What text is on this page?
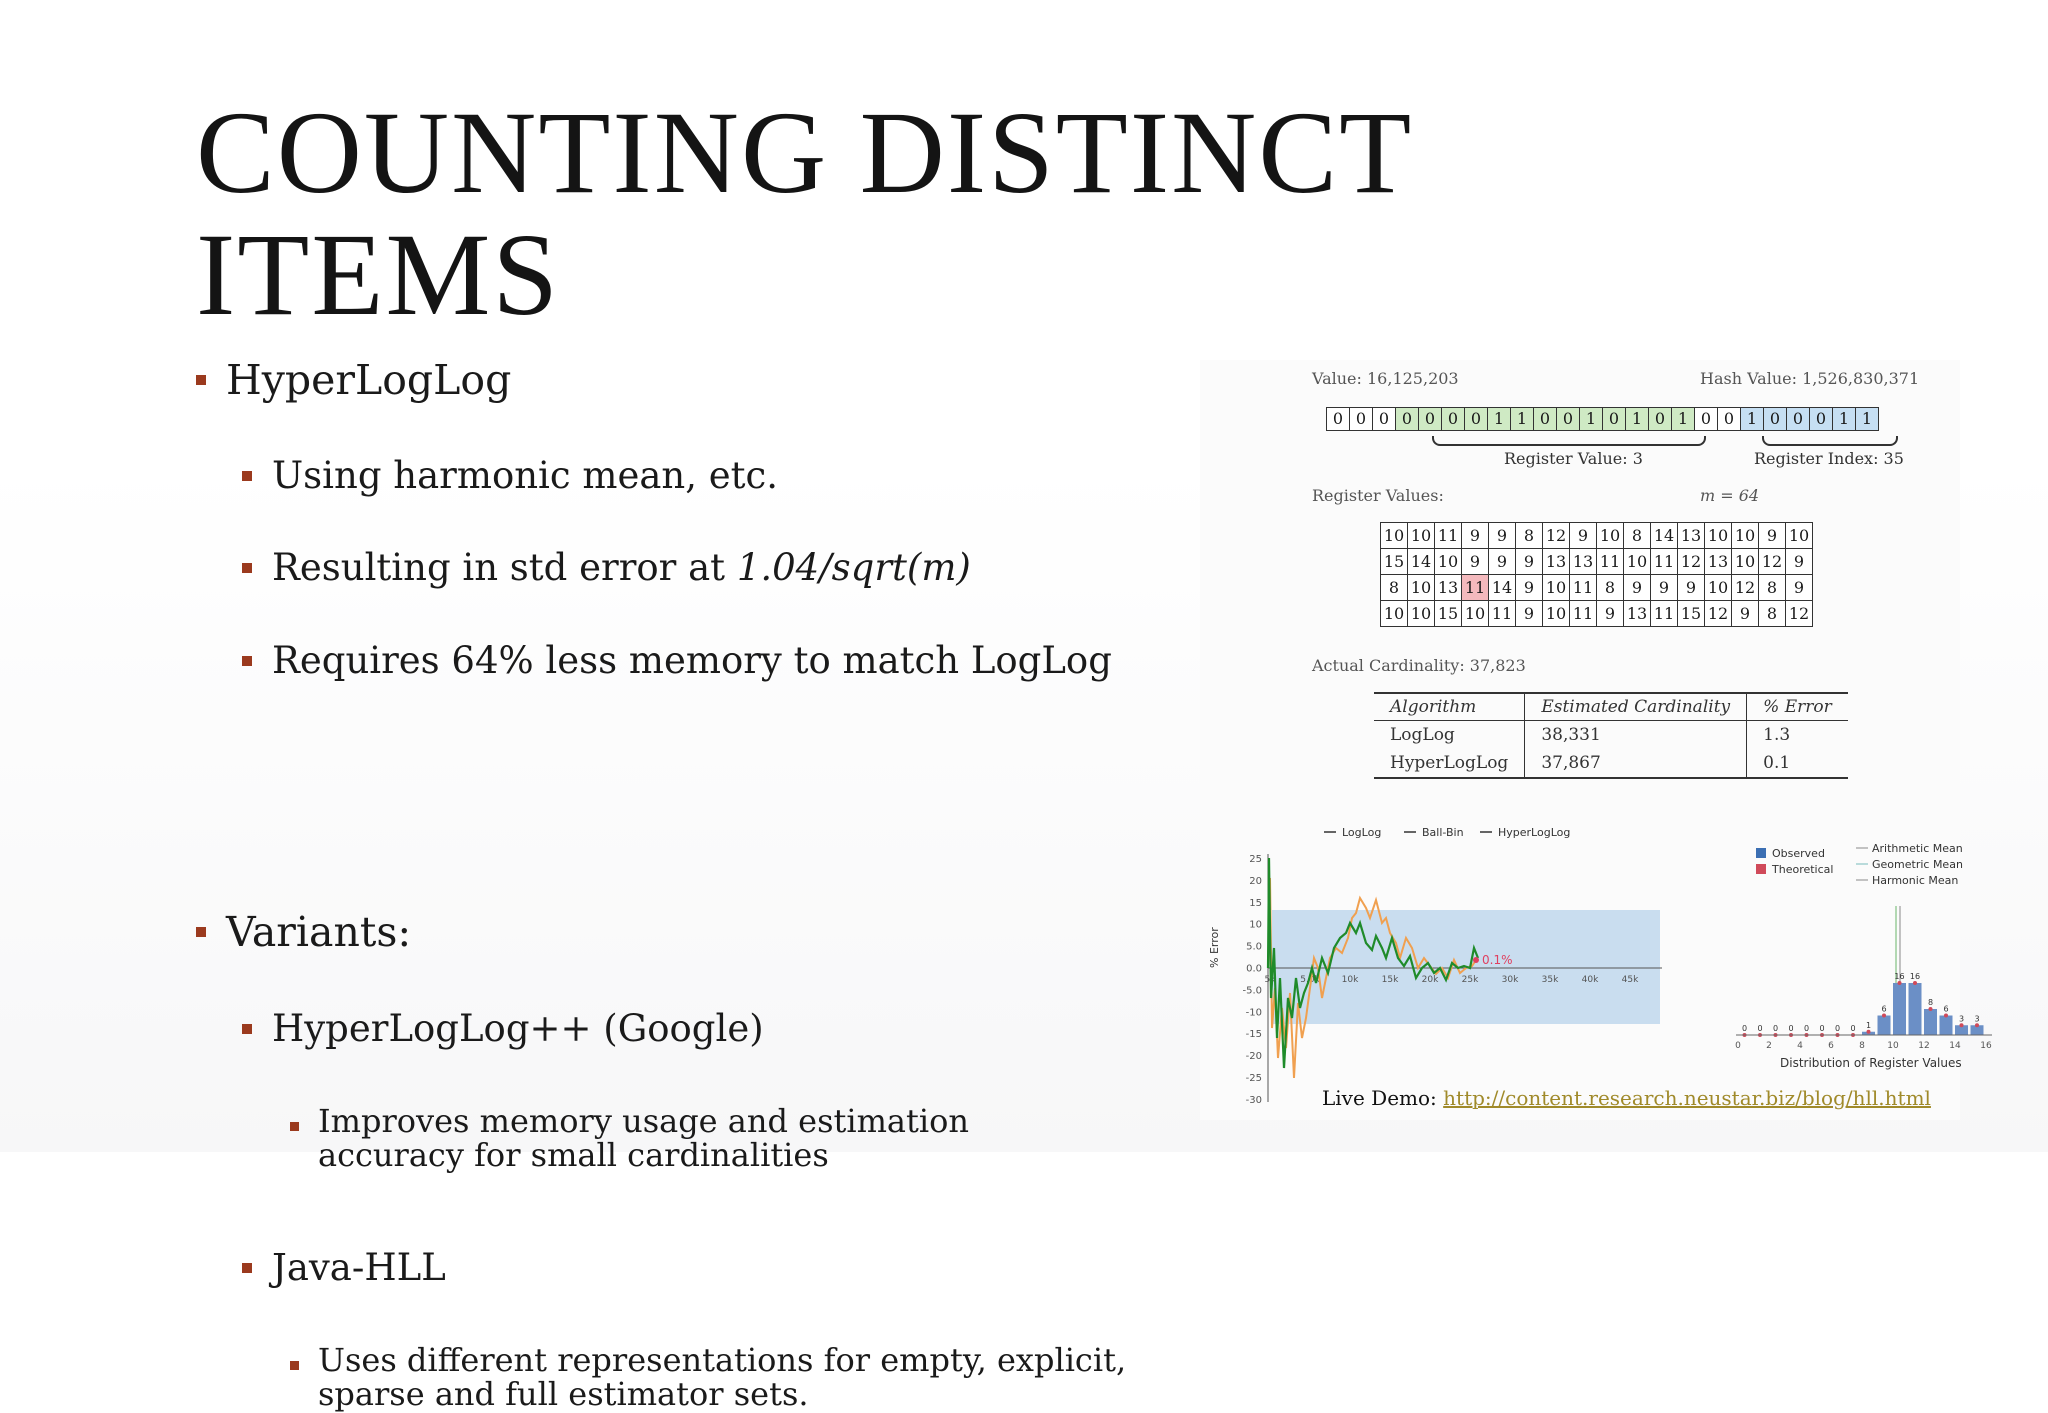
COUNTING DISTINCT
ITEMS
HyperLogLog
Using harmonic mean, etc.
Resulting in std error at 1.04/sqrt(m)
Requires 64% less memory to match LogLog
Variants:
HyperLogLog++ (Google)
Improves memory usage and estimation accuracy for small cardinalities
Java-HLL
Uses different representations for empty, explicit, sparse and full estimator sets.
Value: 16,125,203	Hash Value: 1,526,830,371
0 0 0 0 0 0 0 1 1 0 0 1 0 1 0 1 0 0 1 0 0 0 1 1
Register Value: 3	Register Index: 35
Register Values:	m = 64
10	10	11	9	9	8	12	9	10	8	14	13	10	10	9	10
15	14	10	9	9	9	13	13	11	10	11	12	13	10	12	9
8	10	13	11	14	9	10	11	8	9	9	9	10	12	8	9
10	10	15	10	11	9	10	11	9	13	11	15	12	9	8	12
Actual Cardinality: 37,823
Algorithm	Estimated Cardinality	% Error
LogLog	38,331	1.3
HyperLogLog	37,867	0.1
LogLog	Ball-Bin	HyperLogLog
% Error
25
20
15
10
5.0
0.0
-5.0
-10
-15
-20
-25
-30
5k	5.0k 10k	15k	20k	25k	30k	35k	40k	45k
0.1%
Observed
Theoretical
Arithmetic Mean
Geometric Mean
Harmonic Mean
0 0 0 0 0 0 0 0 1
6
16 16
8
6
3 3
0	2	4	6	8 10 12 14 16
Distribution of Register Values
Live Demo: http://content.research.neustar.biz/blog/hll.html
